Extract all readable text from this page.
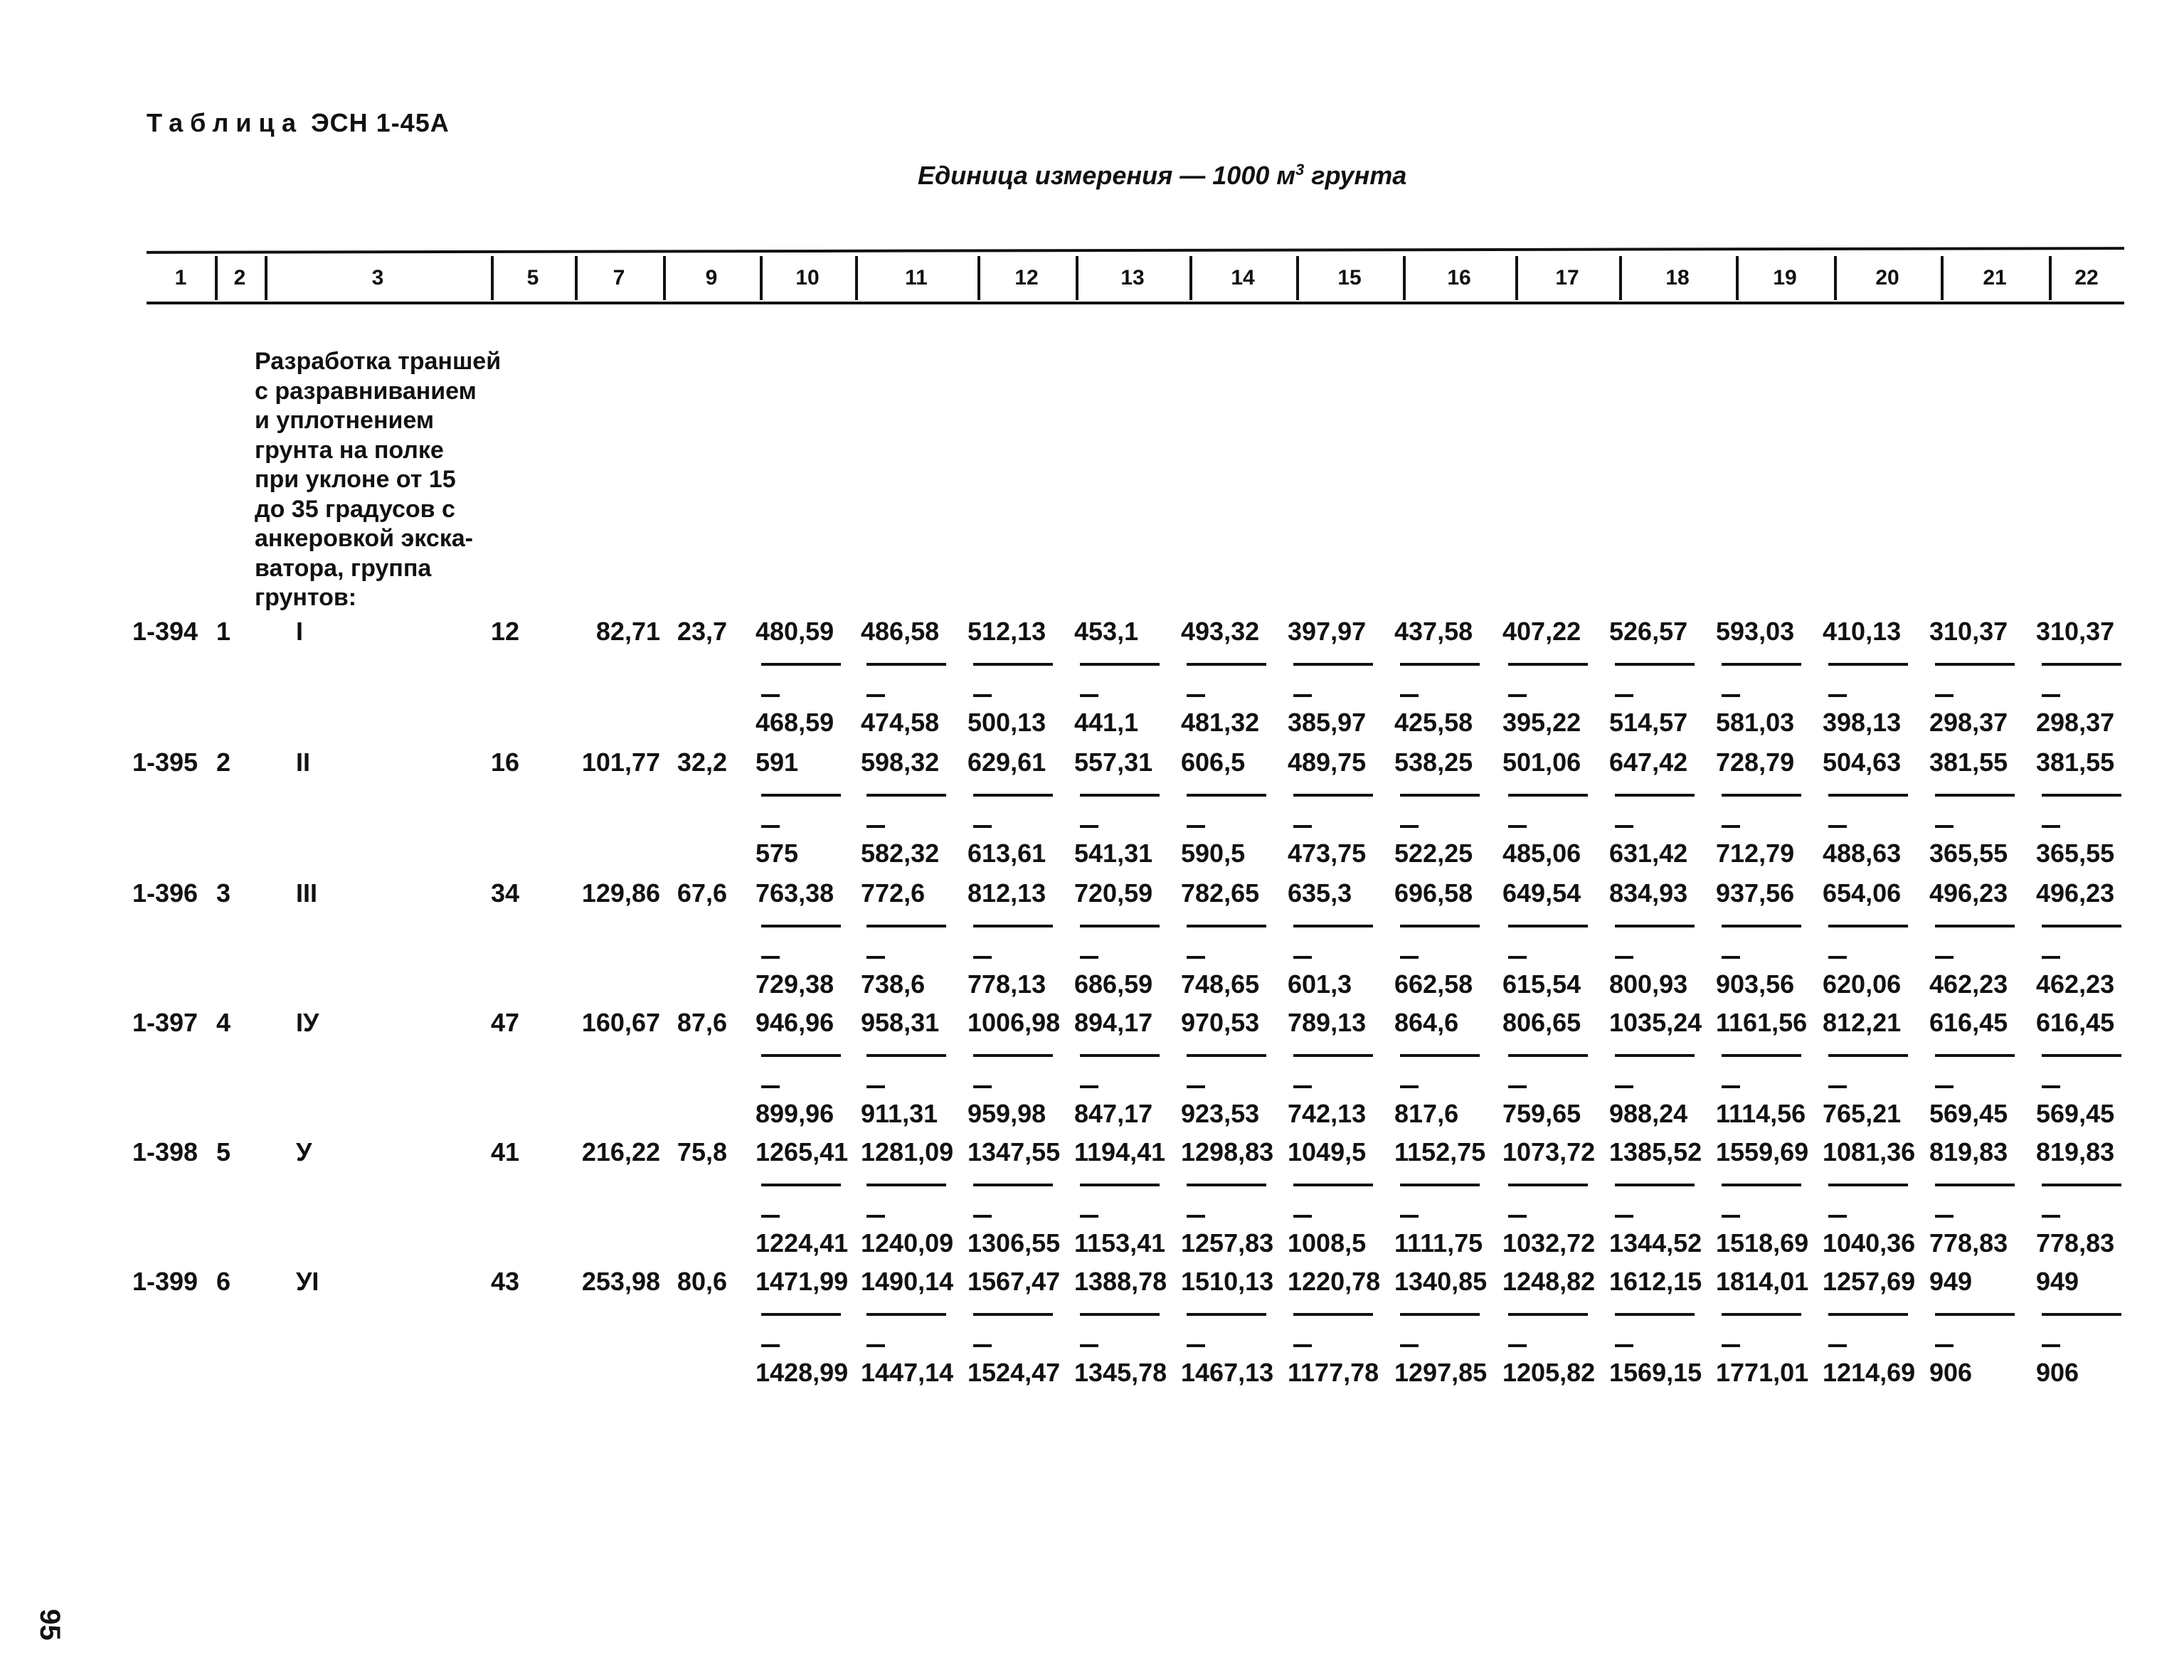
Таблица ЭСН 1-45А
Единица измерения — 1000 $м^3$ грунта
1	2	3	5	7	9	10	11	12	13	14	15	16	17	18	19	20	21	22
Разработка траншей
с разравниванием
и уплотнением
грунта на полке
при уклоне от 15
до 35 градусов с
анкеровкой экска-
ватора, группа
грунтов:
1-394 1	I	12	82,71 23,7 480,59	486,58	512,13	453,1	493,32	397,97	437,58	407,22	526,57	593,03	410,13	310,37	310,37
468,59	474,58	500,13	441,1	481,32	385,97	425,58	395,22	514,57	581,03	398,13	298,37	298,37
1-395 2	II	16	101,77 32,2 591	598,32	629,61	557,31	606,5	489,75	538,25	501,06	647,42	728,79	504,63	381,55	381,55
575	582,32	613,61	541,31	590,5	473,75	522,25	485,06	631,42	712,79	488,63	365,55	365,55
1-396 3	III	34	129,86 67,6 763,38	772,6	812,13	720,59	782,65	635,3	696,58	649,54	834,93	937,56	654,06	496,23	496,23
729,38	738,6	778,13	686,59	748,65	601,3	662,58	615,54	800,93	903,56	620,06	462,23	462,23
1-397 4	IУ	47	160,67 87,6 946,96	958,31	1006,98 894,17	970,53	789,13	864,6	806,65	1035,24 1161,56 812,21	616,45	616,45
899,96	911,31	959,98	847,17	923,53	742,13	817,6	759,65	988,24	1114,56 765,21	569,45	569,45
1-398 5	У	41	216,22 75,8 1265,41 1281,09 1347,55 1194,41 1298,83 1049,5	1152,75 1073,72 1385,52 1559,69 1081,36 819,83	819,83
1224,41 1240,09 1306,55 1153,41 1257,83 1008,5	1111,75 1032,72 1344,52 1518,69 1040,36 778,83	778,83
1-399 6	УI	43	253,98 80,6 1471,99 1490,14 1567,47 1388,78 1510,13 1220,78 1340,85 1248,82 1612,15 1814,01 1257,69 949	949
1428,99 1447,14 1524,47 1345,78 1467,13 1177,78 1297,85 1205,82 1569,15 1771,01 1214,69 906	906
95
